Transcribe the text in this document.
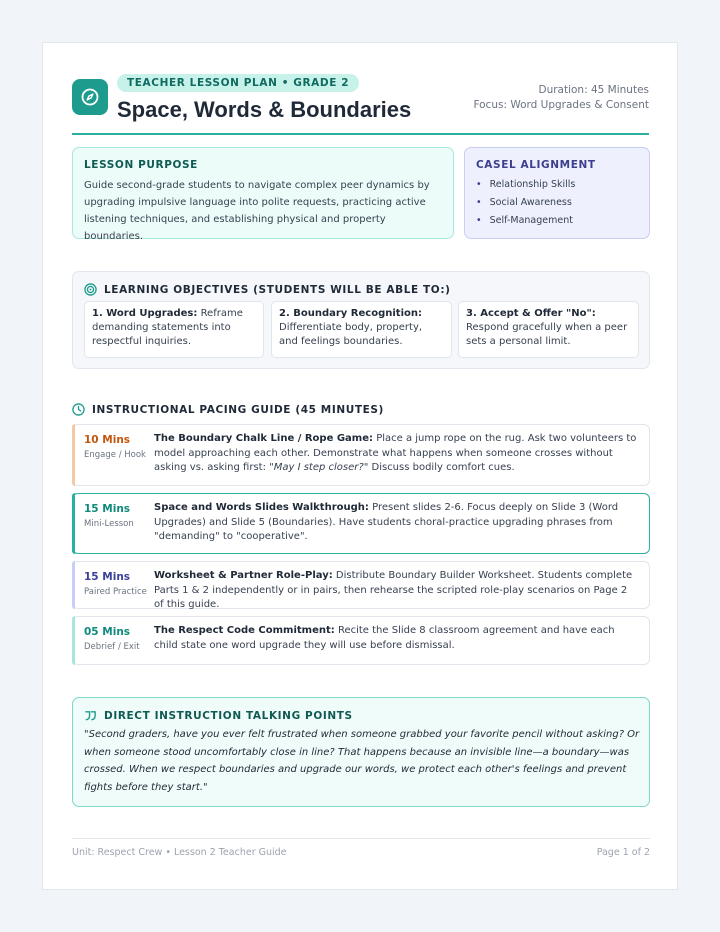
TEACHER LESSON PLAN • GRADE 2
Space, Words & Boundaries
Duration: 45 Minutes
Focus: Word Upgrades & Consent
LESSON PURPOSE
Guide second-grade students to navigate complex peer dynamics by upgrading impulsive language into polite requests, practicing active listening techniques, and establishing physical and property boundaries.
CASEL ALIGNMENT
• Relationship Skills
• Social Awareness
• Self-Management
LEARNING OBJECTIVES (STUDENTS WILL BE ABLE TO:)
1. Word Upgrades: Reframe demanding statements into respectful inquiries.
2. Boundary Recognition: Differentiate body, property, and feelings boundaries.
3. Accept & Offer "No": Respond gracefully when a peer sets a personal limit.
INSTRUCTIONAL PACING GUIDE (45 MINUTES)
10 Mins
Engage / Hook
The Boundary Chalk Line / Rope Game: Place a jump rope on the rug. Ask two volunteers to model approaching each other. Demonstrate what happens when someone crosses without asking vs. asking first: "May I step closer?" Discuss bodily comfort cues.
15 Mins
Mini-Lesson
Space and Words Slides Walkthrough: Present slides 2-6. Focus deeply on Slide 3 (Word Upgrades) and Slide 5 (Boundaries). Have students choral-practice upgrading phrases from "demanding" to "cooperative".
15 Mins
Paired Practice
Worksheet & Partner Role-Play: Distribute Boundary Builder Worksheet. Students complete Parts 1 & 2 independently or in pairs, then rehearse the scripted role-play scenarios on Page 2 of this guide.
05 Mins
Debrief / Exit
The Respect Code Commitment: Recite the Slide 8 classroom agreement and have each child state one word upgrade they will use before dismissal.
DIRECT INSTRUCTION TALKING POINTS
"Second graders, have you ever felt frustrated when someone grabbed your favorite pencil without asking? Or when someone stood uncomfortably close in line? That happens because an invisible line—a boundary—was crossed. When we respect boundaries and upgrade our words, we protect each other's feelings and prevent fights before they start."
Unit: Respect Crew • Lesson 2 Teacher Guide	Page 1 of 2
